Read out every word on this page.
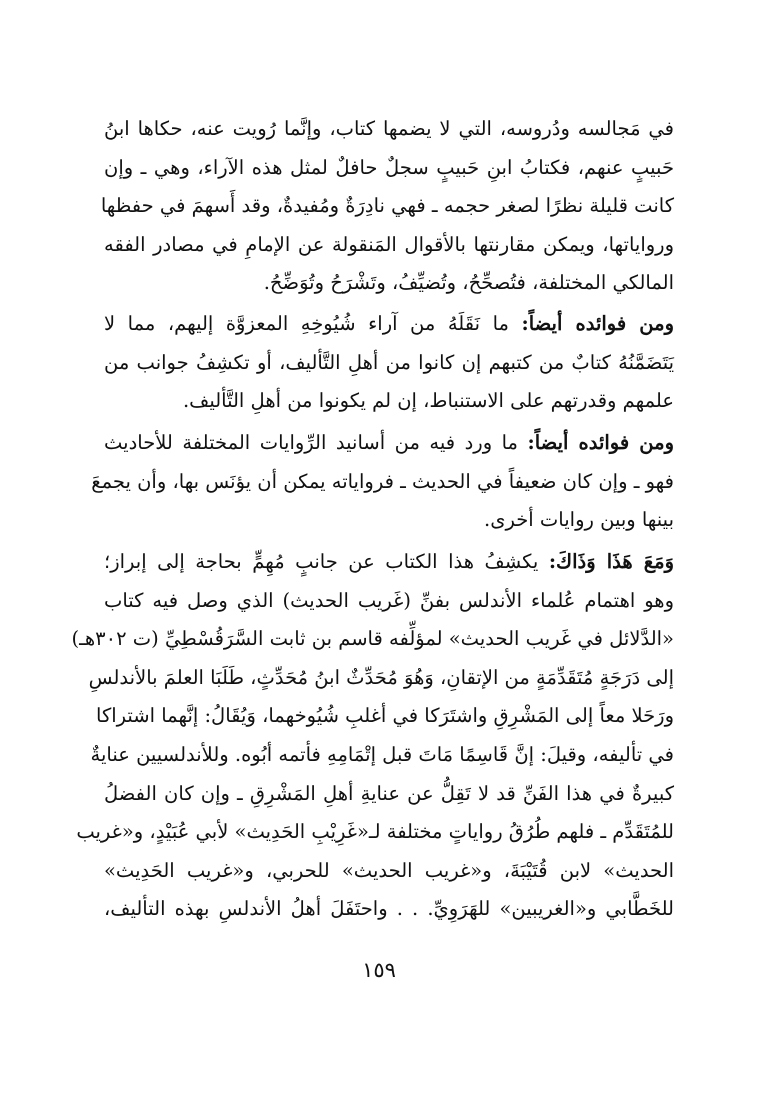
في مَجالسه ودُروسه، التي لا يضمها كتاب، وإنَّما رُويت عنه، حكاها ابنُ
حَبيبٍ عنهم، فكتابُ ابنِ حَبيبٍ سجلٌ حافلٌ لمثل هذه الآراء، وهي ـ وإن
كانت قليلة نظرًا لصغر حجمه ـ فهي نادِرَةٌ ومُفيدةٌ، وقد أَسهمَ في حفظها
ورواياتها، ويمكن مقارنتها بالأقوال المَنقولة عن الإمامِ في مصادر الفقه
المالكي المختلفة، فتُصحِّحُ، وتُضيِّفُ، وتَشْرَحُ وتُوَضِّحُ.
ومن فوائده أيضاً: ما نَقَلَهُ من آراء شُيُوخِهِ المعزوَّة إليهم، مما لا
يَتَضَمَّنُهُ كتابٌ من كتبهم إن كانوا من أهلِ التَّأليف، أو تكشِفُ جوانب من
علمهم وقدرتهم على الاستنباط، إن لم يكونوا من أهلِ التَّأليف.
ومن فوائده أيضاً: ما ورد فيه من أسانيد الرِّوايات المختلفة للأحاديث
فهو ـ وإن كان ضعيفاً في الحديث ـ فرواياته يمكن أن يؤنَس بها، وأن يجمعَ
بينها وبين روايات أخرى.
وَمَعَ هَذَا وَذَاكَ: يكشِفُ هذا الكتاب عن جانبٍ مُهِمٍّ بحاجة إلى إبراز؛
وهو اهتمام عُلماء الأندلس بفنِّ (غَريب الحديث) الذي وصل فيه كتاب
«الدَّلائل في غَريب الحديث» لمؤلِّفه قاسم بن ثابت السَّرَقُسْطِيِّ (ت ٣٠٢هـ)
إلى دَرَجَةٍ مُتَقَدِّمَةٍ من الإتقانِ، وَهُوَ مُحَدِّثٌ ابنُ مُحَدِّثٍ، طَلَبَا العلمَ بالأندلسِ
ورَحَلا معاً إلى المَشْرِقِ واشتَرَكا في أغلبِ شُيُوخهما، وَيُقَالُ: إنَّهما اشتراكا
في تأليفه، وقيلَ: إنَّ قَاسِمًا مَاتَ قبل إتْمَامِهِ فأتمه أبُوه. وللأندلسيين عنايةٌ
كبيرةٌ في هذا الفَنِّ قد لا تَقِلُّ عن عنايةِ أهلِ المَشْرِقِ ـ وإن كان الفضلُ
للمُتَقَدِّم ـ فلهم طُرُقُ رواياتٍ مختلفة لـ«غَرِيْبِ الحَدِيث» لأبي عُبَيْدٍ، و«غريب
الحديث» لابن قُتَيْبَةَ، و«غريب الحديث» للحربي، و«غريب الحَدِيث»
للخَطَّابي و«الغريبين» للهَرَوِيِّ. . . واحتَفَلَ أهلُ الأندلسِ بهذه التأليف،
١٥٩
